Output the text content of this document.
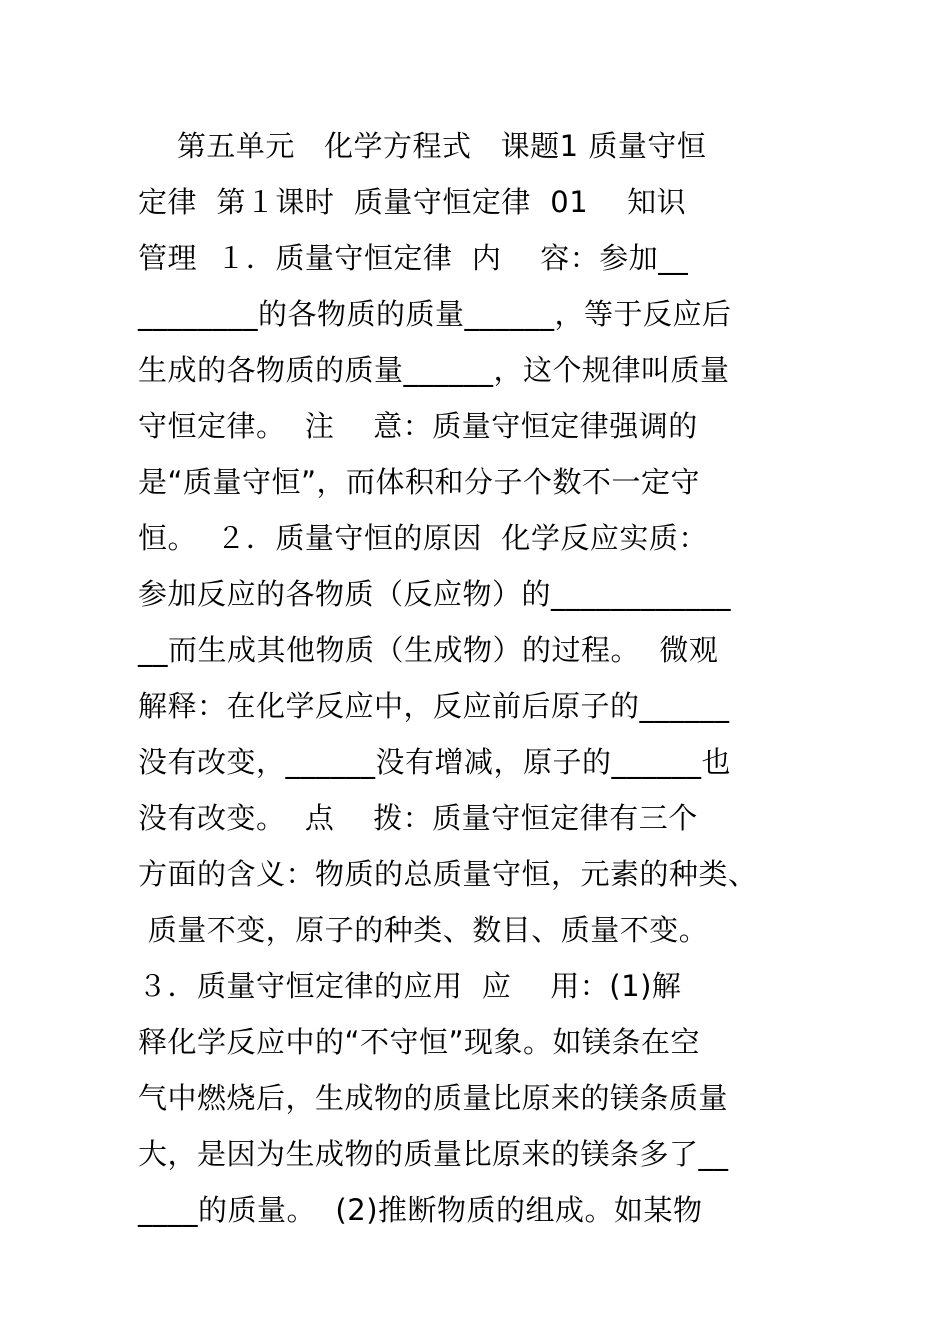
第五单元   化学方程式   课题1 质量守恒
定律  第１课时  质量守恒定律  01    知识
管理  １．质量守恒定律  内    容：参加__
________的各物质的质量______，等于反应后
生成的各物质的质量______，这个规律叫质量
守恒定律。  注    意：质量守恒定律强调的
是“质量守恒”，而体积和分子个数不一定守
恒。  ２．质量守恒的原因  化学反应实质：
参加反应的各物质（反应物）的____________
__而生成其他物质（生成物）的过程。  微观
解释：在化学反应中，反应前后原子的______
没有改变，______没有增减，原子的______也
没有改变。  点    拨：质量守恒定律有三个
方面的含义：物质的总质量守恒，元素的种类、
质量不变，原子的种类、数目、质量不变。
３．质量守恒定律的应用  应    用：(1)解
释化学反应中的“不守恒”现象。如镁条在空
气中燃烧后，生成物的质量比原来的镁条质量
大，是因为生成物的质量比原来的镁条多了__
____的质量。  (2)推断物质的组成。如某物
